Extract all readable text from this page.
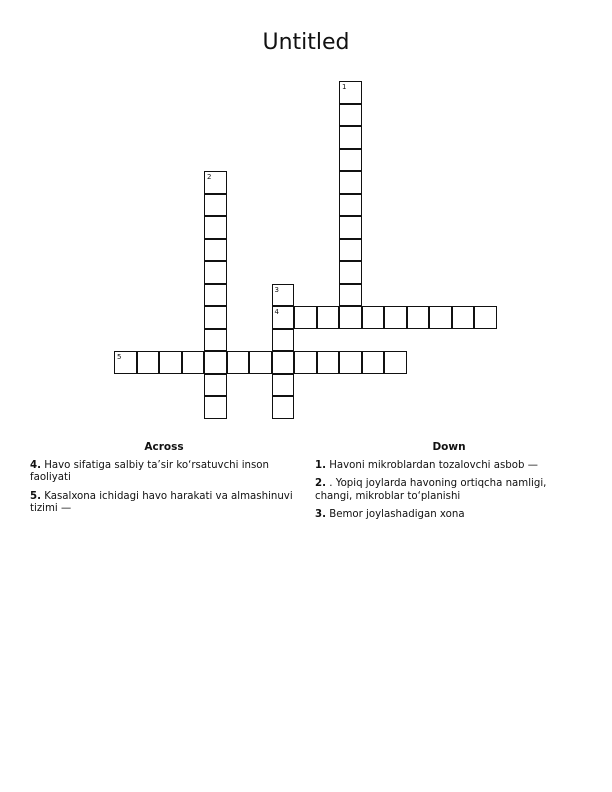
Untitled
1
2
3
4
5
Across
4. Havo sifatiga salbiy ta’sir ko‘rsatuvchi inson faoliyati
5. Kasalxona ichidagi havo harakati va almashinuvi tizimi —
Down
1. Havoni mikroblardan tozalovchi asbob —
2. . Yopiq joylarda havoning ortiqcha namligi, changi, mikroblar to‘planishi
3. Bemor joylashadigan xona
